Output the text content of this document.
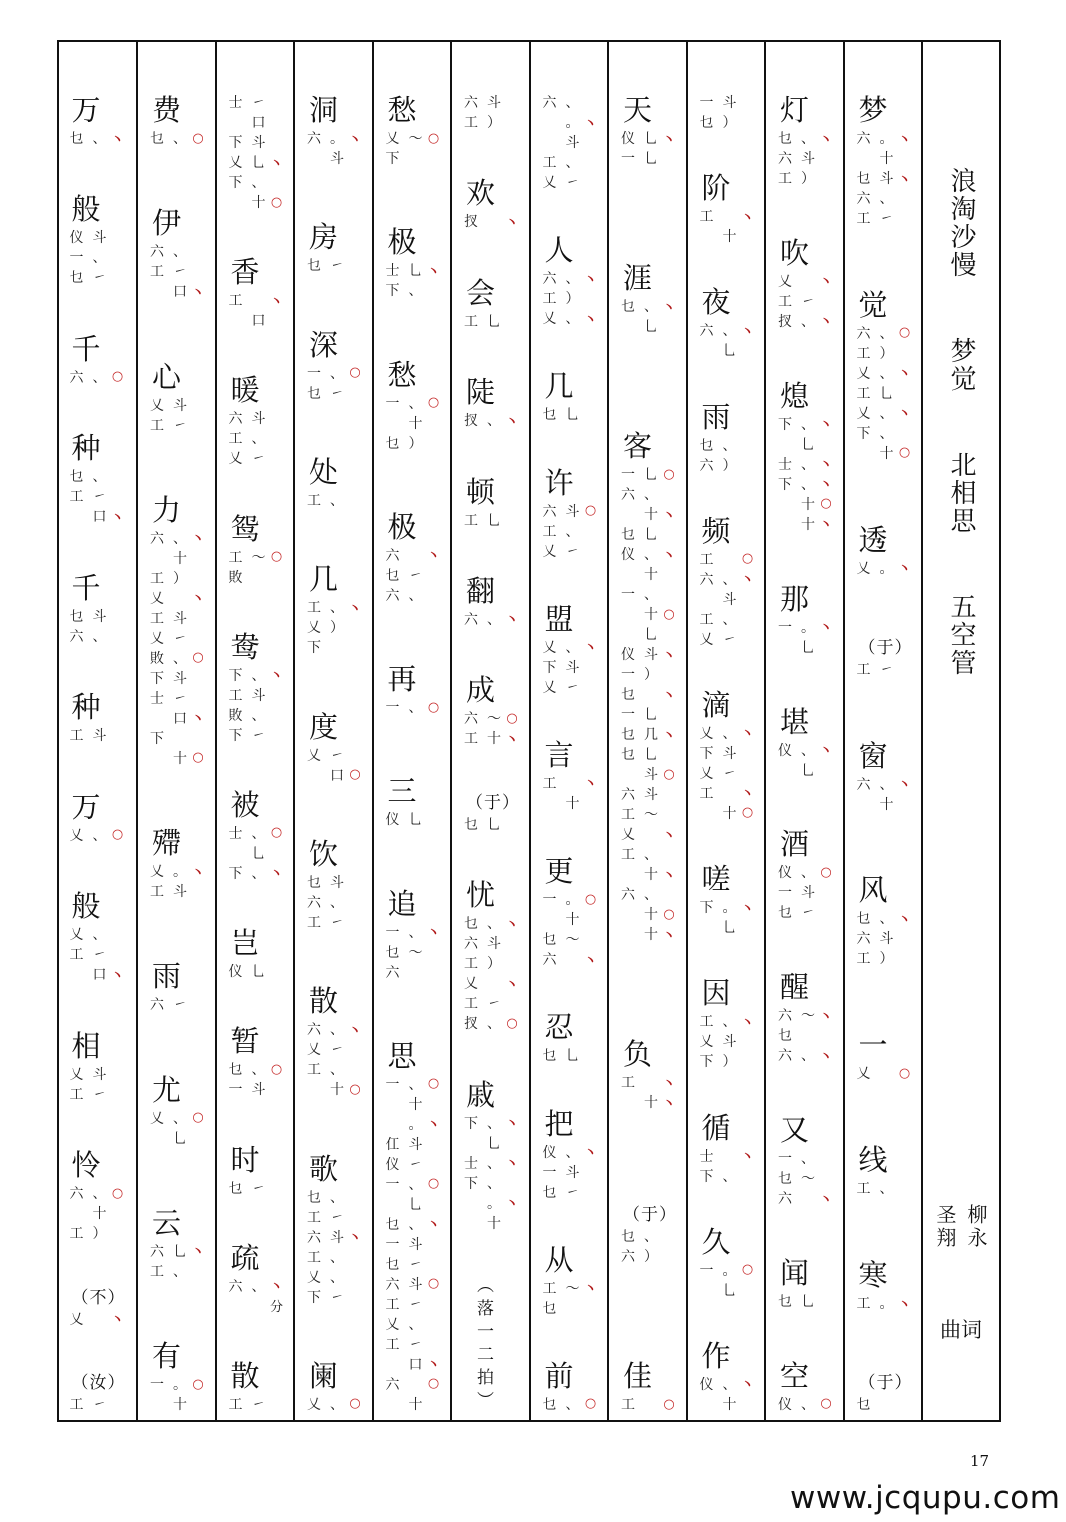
浪淘沙慢
梦觉
北相思
五空管
柳永
圣翔
曲词
梦
六 。 丶
十
乜 斗 丶
六 、
工 ㇀
觉
六 、 ○
工 ）
乂 、 丶
工 乚
乂 、 丶
下 、
十 ○
透
乂 。 丶
（于）
工 ㇀
窗
六 、 丶
十
风
乜 、 丶
六 斗
工 ）
一
乂	○
线
工 、
寒
工 。 丶
（于）
乜
灯
乜 、 丶
六 斗
工 ）
吹
乂	丶
工 ㇀
扠 、 丶
熄
下 、 丶
乚
士 、 丶
下 、 丶
十 ○
十 丶
那
一 。 丶
乚
堪
仪 、 丶
乚
酒
仪 、 ○
一 斗
乜 ㇀
醒
六 〜 丶
乜
六 、 丶
又
一 、
乜 〜
六	丶
闻
乜 乚
空
仪 、 ○
一 斗
乜 ）
阶
工	丶
十
夜
六 、 丶
乚
雨
乜 、
六 ）
频
工	○
六 、 丶
斗
工 、
乂 ㇀
滴
乂 、 丶
下 斗
乂 ㇀
工	丶
十 ○
嗟
下 。 丶
乚
因
工 、 丶
乂 斗
下 ）
循
士	丶
下 、
久
一 。 ○
乚
作
仪 、 丶
十
天
仪 乚 丶
一 乚
涯
乜 、 丶
乚
客
一 乚 ○
六 、
十 丶
乜 乚
仪 、 丶
十
一 、
十 ○
乚
仪 斗 丶
一 ）
乜	丶
一 乚
乜 几 丶
乜 乚
斗 ○
六 斗
工 〜
乂	丶
工 、
十 丶
六 、
十 ○
十 丶
负
工	丶
十 丶
（于）
乜 、
六 ）
佳
工	○
六 、
。 丶
斗
工 、
乂 ㇀
人
六 、 丶
工 ）
乂 、 丶
几
乜 乚
许
六 斗 ○
工 、
乂 ㇀
盟
乂 、 丶
下 斗
乂 ㇀
言
工	丶
十
更
一 。 ○
十
乜 〜
六	丶
忍
乜 乚
把
仪 、 丶
一 斗
乜 ㇀
从
工 〜 丶
乜
前
乜 、 ○
六 斗
工 ）
欢
扠	丶
会
工 乚
陡
扠 、 丶
顿
工 乚
翻
六 、 丶
成
六 〜 ○
工 十 丶
（于）
乜 乚
忧
乜 、 丶
六 斗
工 ）
乂	丶
工 ㇀
扠 、 ○
戚
下 、 丶
乚
士 、 丶
下 、
。 丶
十
（落一二拍）
愁
乂 〜 ○
下
极
士 乚 丶
下 、
愁
一 、 ○
十
乜 ）
极
六	丶
乜 ㇀
六 、
再
一 、 ○
三
仪 乚
追
一 、 丶
乜 〜
六
思
一 、 ○
十
。 丶
仜 斗
仪 ㇀
一 、 ○
乚
乜 、 丶
一 斗
乜 ㇀
六 斗 ○
工 ㇀
乂 、
工 ㇀
口 丶
六	○
十
洞
六 。 丶
斗
房
乜 ㇀
深
一 、 ○
乜 ㇀
处
工 、
几
工 、 丶
乂 ）
下
度
乂 ㇀
口 ○
饮
乜 斗
六 、
工 ㇀
散
六 、 丶
乂 ㇀
工 、
十 ○
歌
乜 、
工 ㇀
六 斗 丶
工 、
乂 、
下 ㇀
阑
乂 、 ○
士 ㇀
口
下 斗
乂 乚 丶
下 、
十 ○
香
工	丶
口
暖
六 斗
工 、
乂 ㇀
鸳
工 〜 ○
敗
鸯
下 、 丶
工 斗
敗 、
下 ㇀
被
士 、 ○
乚
下 、 丶
岂
仪 乚
暂
乜 、 ○
一 斗
时
乜 ㇀
疏
六 、 丶
分
散
工 ㇀
费
乜 、 ○
伊
六 、
工 ㇀
口 丶
心
乂 斗
工 ㇀
力
六 、 丶
十
工 ）
乂	丶
工 斗
乂 ㇀
敗 、 ○
下 斗
士 ㇀
口 丶
下
十 ○
殢
乂 。 丶
工 斗
雨
六 ㇀
尤
乂 、 ○
乚
云
六 乚 丶
工 、
有
一 。 ○
十
万
乜 、 丶
般
仪 斗
一 、
乜 ㇀
千
六 、 ○
种
乜 、
工 ㇀
口 丶
千
乜 斗
六 、
种
工 斗
万
乂 、 ○
般
乂 、
工 ㇀
口 丶
相
乂 斗
工 ㇀
怜
六 、 ○
十
工 ）
（不）
乂	丶
（汝）
工 ㇀
17
www.jcqupu.com
